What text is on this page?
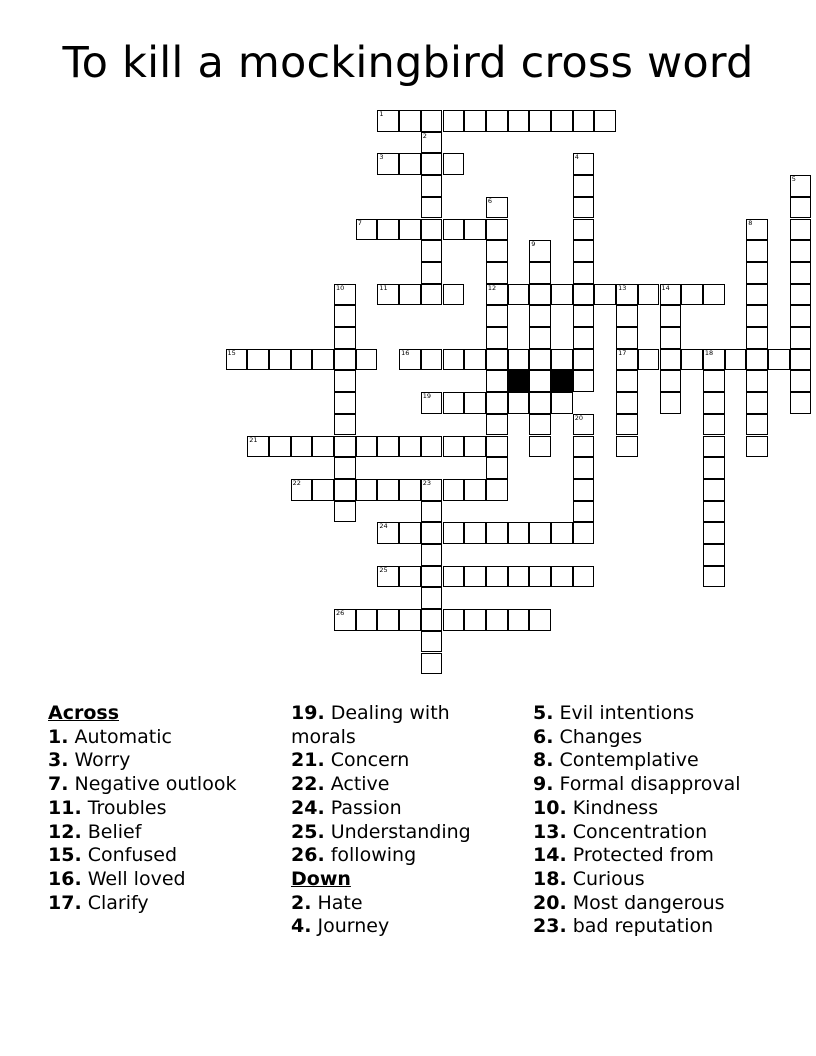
To kill a mockingbird cross word
1
3
7
11	12	13	14
15	16	17	18
19
21
22	23
24
25
26
2
4
5
6
8
9
10
20
Across
1. Automatic
3. Worry
7. Negative outlook
11. Troubles
12. Belief
15. Confused
16. Well loved
17. Clarify
19. Dealing with morals
21. Concern
22. Active
24. Passion
25. Understanding
26. following
Down
2. Hate
4. Journey
5. Evil intentions
6. Changes
8. Contemplative
9. Formal disapproval
10. Kindness
13. Concentration
14. Protected from
18. Curious
20. Most dangerous
23. bad reputation
